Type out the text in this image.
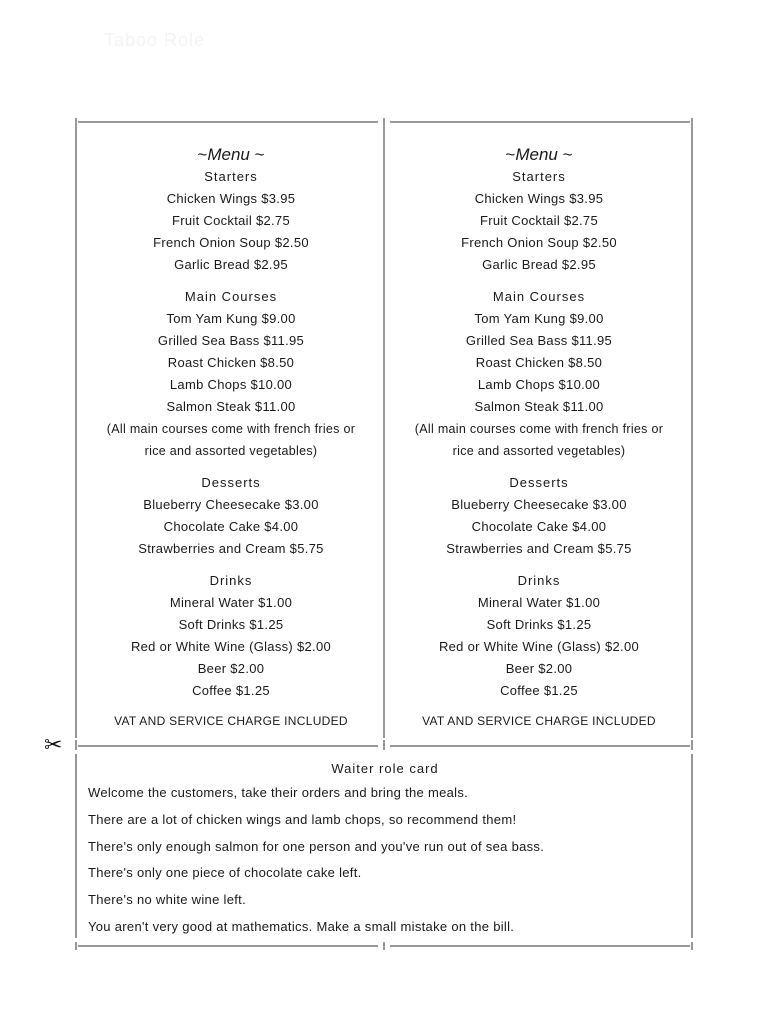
Taboo Role
~Menu ~
Starters
Chicken Wings $3.95
Fruit Cocktail $2.75
French Onion Soup $2.50
Garlic Bread $2.95
Main Courses
Tom Yam Kung $9.00
Grilled Sea Bass $11.95
Roast Chicken $8.50
Lamb Chops $10.00
Salmon Steak $11.00
(All main courses come with french fries or
rice and assorted vegetables)
Desserts
Blueberry Cheesecake $3.00
Chocolate Cake $4.00
Strawberries and Cream $5.75
Drinks
Mineral Water $1.00
Soft Drinks $1.25
Red or White Wine (Glass) $2.00
Beer $2.00
Coffee $1.25
VAT AND SERVICE CHARGE INCLUDED
~Menu ~
Starters
Chicken Wings $3.95
Fruit Cocktail $2.75
French Onion Soup $2.50
Garlic Bread $2.95
Main Courses
Tom Yam Kung $9.00
Grilled Sea Bass $11.95
Roast Chicken $8.50
Lamb Chops $10.00
Salmon Steak $11.00
(All main courses come with french fries or
rice and assorted vegetables)
Desserts
Blueberry Cheesecake $3.00
Chocolate Cake $4.00
Strawberries and Cream $5.75
Drinks
Mineral Water $1.00
Soft Drinks $1.25
Red or White Wine (Glass) $2.00
Beer $2.00
Coffee $1.25
VAT AND SERVICE CHARGE INCLUDED
✂
Waiter role card
Welcome the customers, take their orders and bring the meals.
There are a lot of chicken wings and lamb chops, so recommend them!
There's only enough salmon for one person and you've run out of sea bass.
There's only one piece of chocolate cake left.
There's no white wine left.
You aren't very good at mathematics. Make a small mistake on the bill.
